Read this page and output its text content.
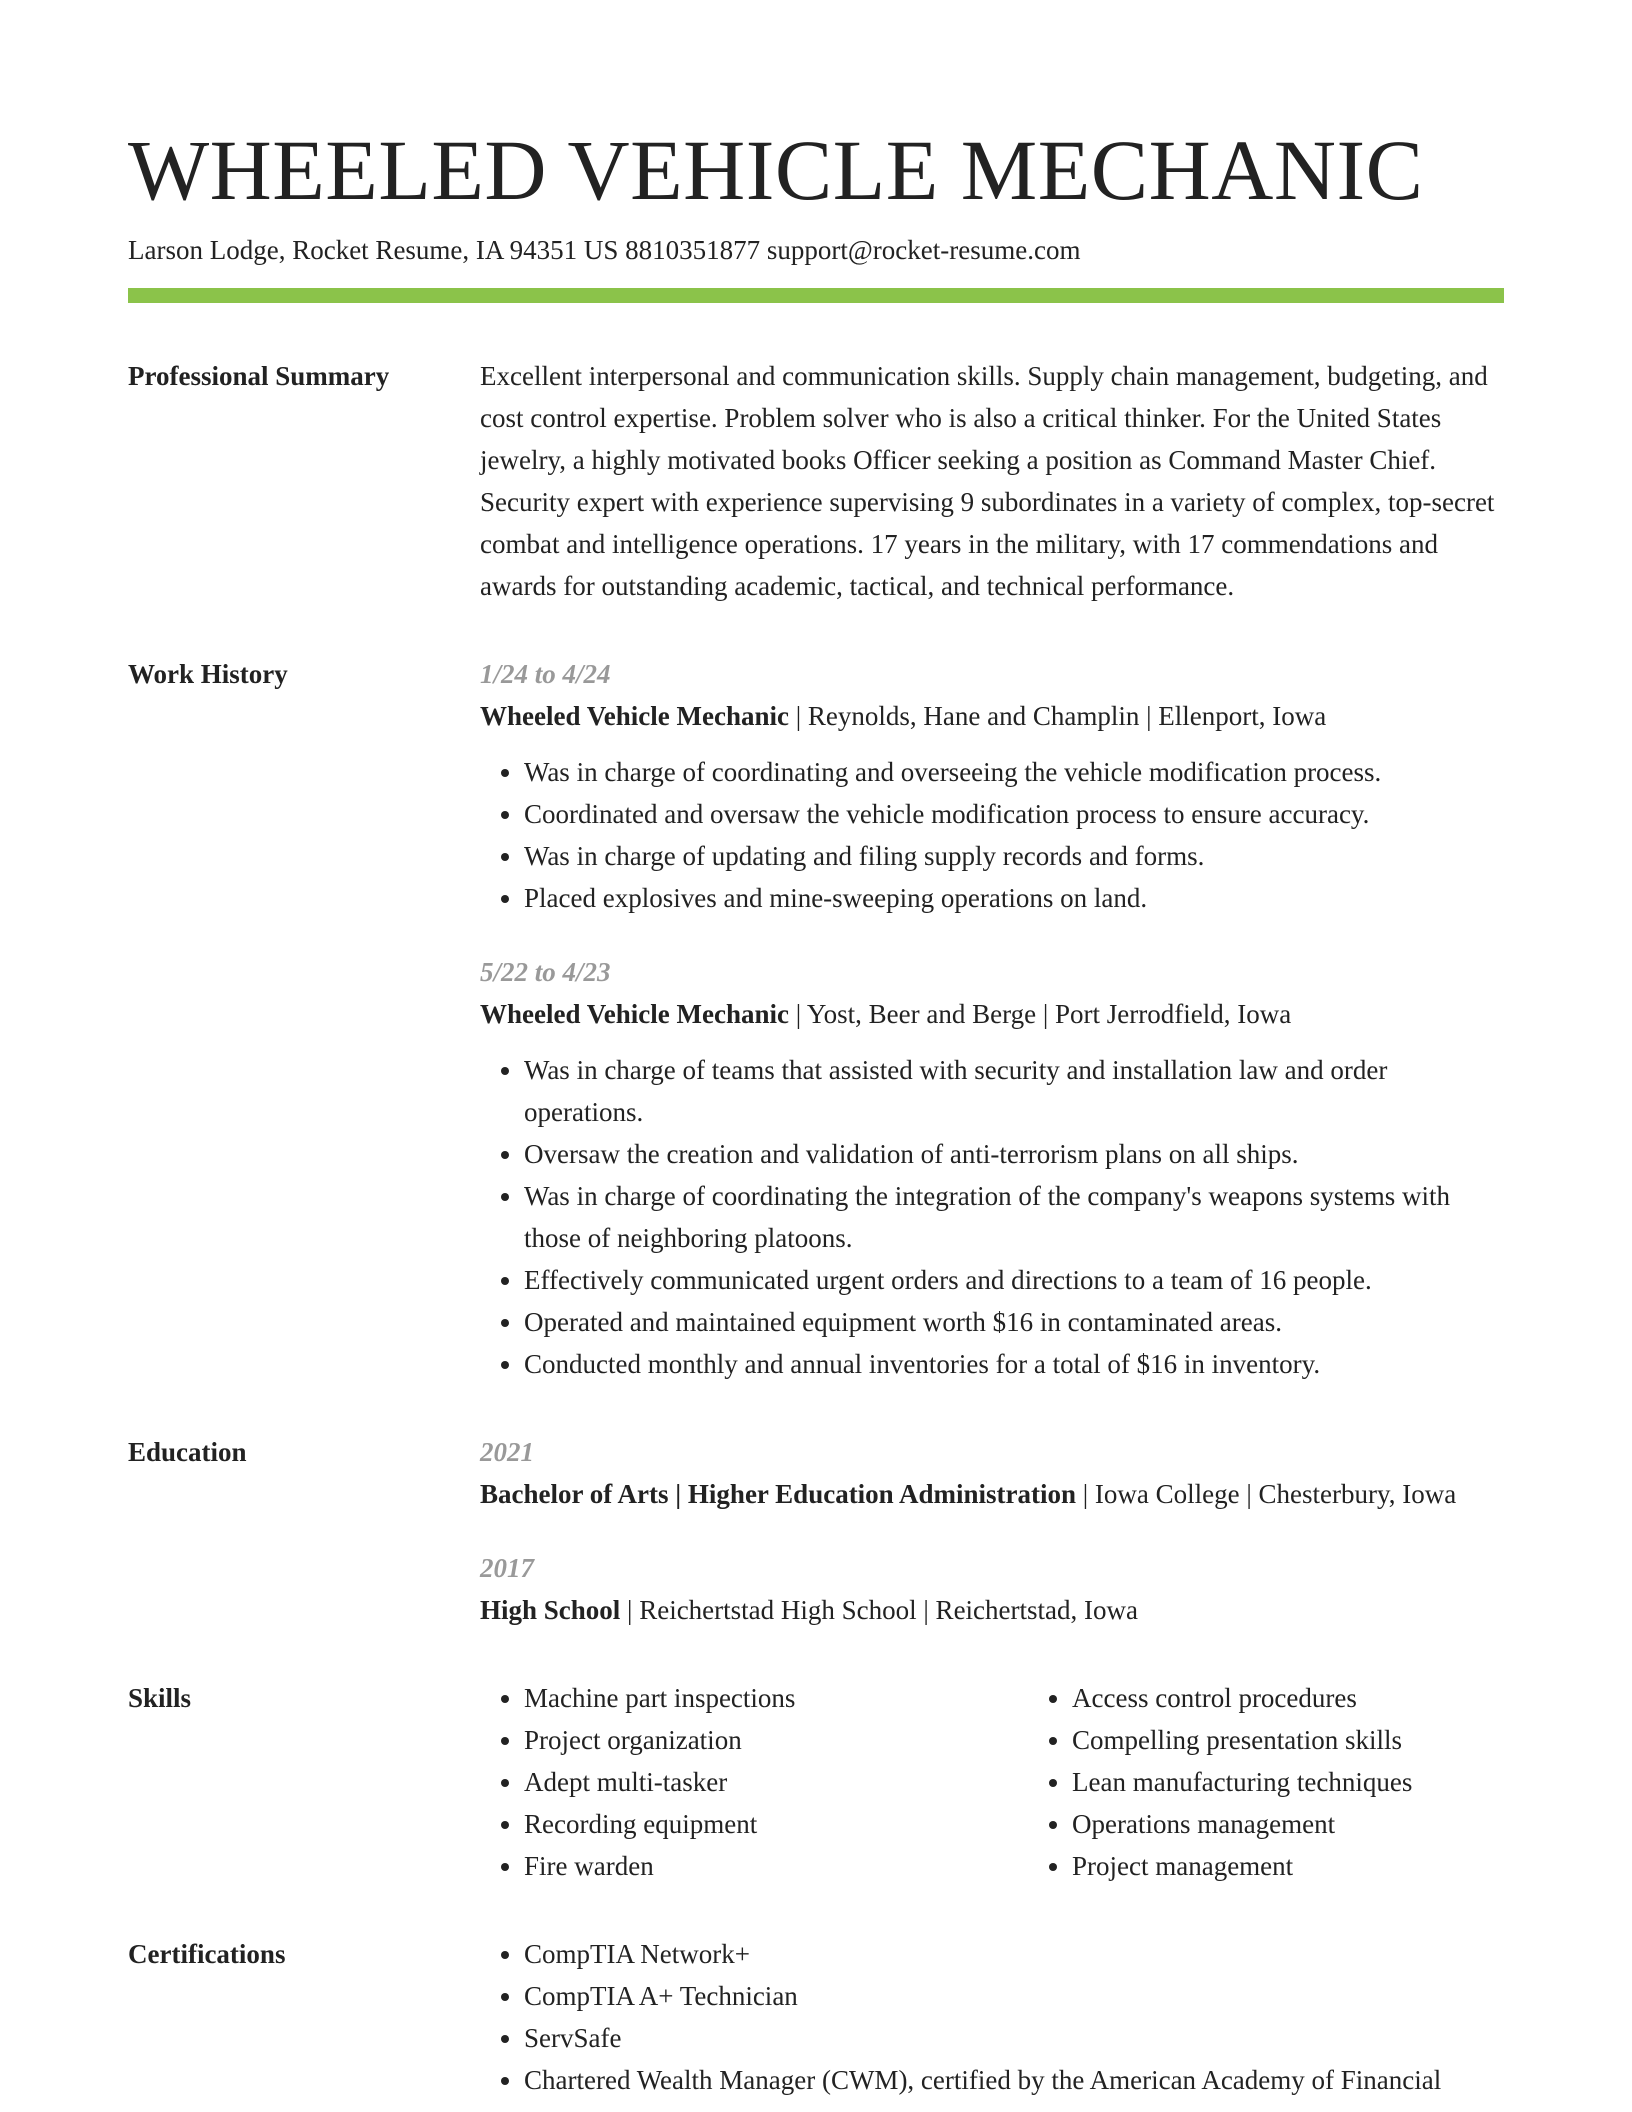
WHEELED VEHICLE MECHANIC
Larson Lodge, Rocket Resume, IA 94351 US 8810351877 support@rocket-resume.com
Professional Summary	Excellent interpersonal and communication skills. Supply chain management, budgeting, and cost control expertise. Problem solver who is also a critical thinker. For the United States jewelry, a highly motivated books Officer seeking a position as Command Master Chief. Security expert with experience supervising 9 subordinates in a variety of complex, top-secret combat and intelligence operations. 17 years in the military, with 17 commendations and awards for outstanding academic, tactical, and technical performance.

Work History	1/24 to 4/24
Wheeled Vehicle Mechanic | Reynolds, Hane and Champlin | Ellenport, Iowa
• Was in charge of coordinating and overseeing the vehicle modification process.
• Coordinated and oversaw the vehicle modification process to ensure accuracy.
• Was in charge of updating and filing supply records and forms.
• Placed explosives and mine-sweeping operations on land.
5/22 to 4/23
Wheeled Vehicle Mechanic | Yost, Beer and Berge | Port Jerrodfield, Iowa
• Was in charge of teams that assisted with security and installation law and order operations.
• Oversaw the creation and validation of anti-terrorism plans on all ships.
• Was in charge of coordinating the integration of the company's weapons systems with those of neighboring platoons.
• Effectively communicated urgent orders and directions to a team of 16 people.
• Operated and maintained equipment worth $16 in contaminated areas.
• Conducted monthly and annual inventories for a total of $16 in inventory.
Education	2021
Bachelor of Arts | Higher Education Administration | Iowa College | Chesterbury, Iowa
2017
High School | Reichertstad High School | Reichertstad, Iowa
Skills	• Machine part inspections
• Project organization
• Adept multi-tasker
• Recording equipment
• Fire warden
• Access control procedures
• Compelling presentation skills
• Lean manufacturing techniques
• Operations management
• Project management
Certifications	• CompTIA Network+
• CompTIA A+ Technician
• ServSafe
• Chartered Wealth Manager (CWM), certified by the American Academy of Financial
